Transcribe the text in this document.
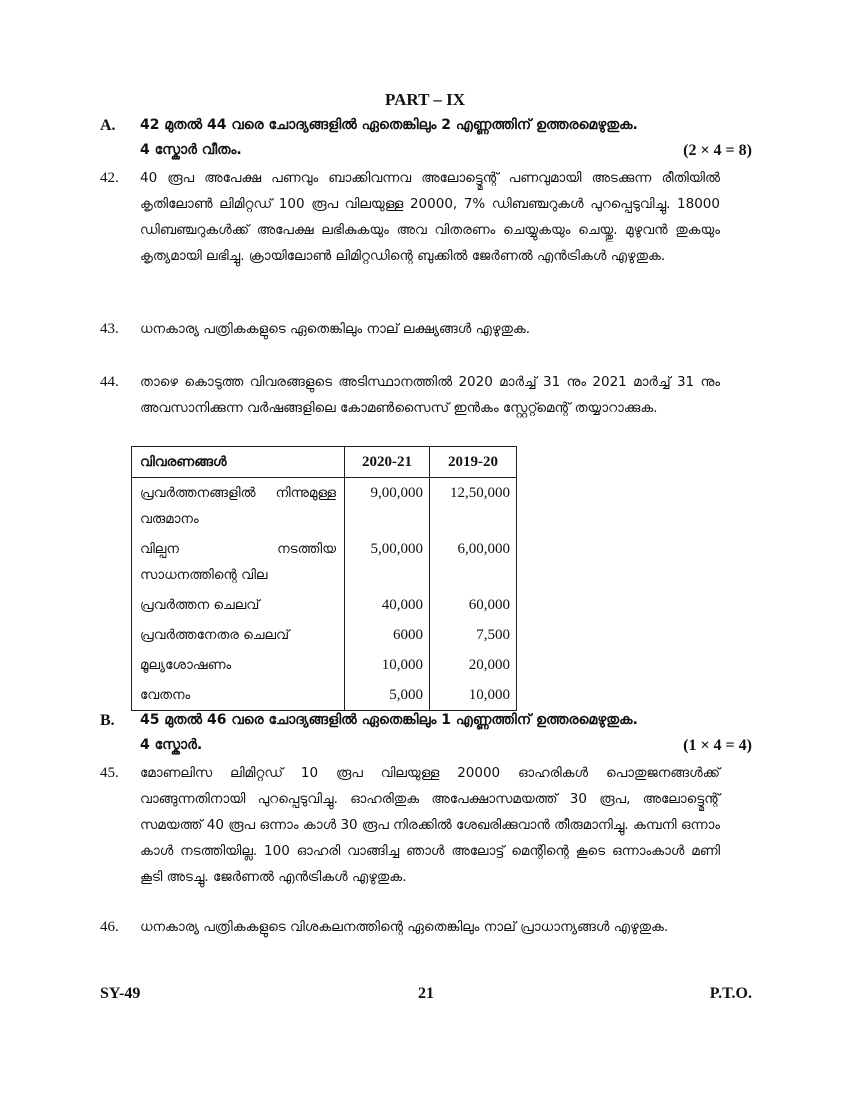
PART – IX
A. 42 മുതൽ 44 വരെ ചോദ്യങ്ങളിൽ ഏതെങ്കിലും 2 എണ്ണത്തിന് ഉത്തരമെഴുതുക.
4 സ്കോർ വീതം.	(2 × 4 = 8)
42. 40 രൂപ അപേക്ഷ പണവും ബാക്കിവന്നവ അലോട്ട്മെന്റ് പണവുമായി അടക്കുന്ന രീതിയിൽ കൃതിലോൺ ലിമിറ്റഡ് 100 രൂപ വിലയുള്ള 20000, 7% ഡിബഞ്ചറുകൾ പുറപ്പെടുവിച്ചു. 18000 ഡിബഞ്ചറുകൾക്ക് അപേക്ഷ ലഭികുകയും അവ വിതരണം ചെയ്യുകയും ചെയ്തു. മുഴുവൻ തുകയും കൃത്യമായി ലഭിച്ചു. ക്രായിലോൺ ലിമിറ്റഡിന്റെ ബുക്കിൽ ജേർണൽ എൻട്രികൾ എഴുതുക.
43. ധനകാര്യ പത്രികകളുടെ ഏതെങ്കിലും നാല് ലക്ഷ്യങ്ങൾ എഴുതുക.
44. താഴെ കൊടുത്ത വിവരങ്ങളുടെ അടിസ്ഥാനത്തിൽ 2020 മാർച്ച് 31 നും 2021 മാർച്ച് 31 നും അവസാനിക്കുന്ന വർഷങ്ങളിലെ കോമൺസൈസ് ഇൻകം സ്റ്റേറ്റ്മെന്റ് തയ്യാറാക്കുക.
വിവരണങ്ങൾ	2020-21	2019-20
പ്രവർത്തനങ്ങളിൽ നിന്നുമുള്ള വരുമാനം	9,00,000	12,50,000
വില്പന നടത്തിയ സാധനത്തിന്റെ വില	5,00,000	6,00,000
പ്രവർത്തന ചെലവ്	40,000	60,000
പ്രവർത്തനേതര ചെലവ്	6000	7,500
മൂല്യശോഷണം	10,000	20,000
വേതനം	5,000	10,000
B. 45 മുതൽ 46 വരെ ചോദ്യങ്ങളിൽ ഏതെങ്കിലും 1 എണ്ണത്തിന് ഉത്തരമെഴുതുക.
4 സ്കോർ.	(1 × 4 = 4)
45. മോണലിസ ലിമിറ്റഡ് 10 രൂപ വിലയുള്ള 20000 ഓഹരികൾ പൊതുജനങ്ങൾക്ക് വാങ്ങുന്നതിനായി പുറപ്പെടുവിച്ചു. ഓഹരിതുക അപേക്ഷാസമയത്ത് 30 രൂപ, അലോട്ട്മെന്റ് സമയത്ത് 40 രൂപ ഒന്നാം കാൾ 30 രൂപ നിരക്കിൽ ശേഖരിക്കുവാൻ തീരുമാനിച്ചു. കമ്പനി ഒന്നാം കാൾ നടത്തിയില്ല. 100 ഓഹരി വാങ്ങിച്ച ഞാൾ അലോട്ട് മെന്റിന്റെ കൂടെ ഒന്നാംകാൾ മണി കൂടി അടച്ചു. ജേർണൽ എൻട്രികൾ എഴുതുക.
46. ധനകാര്യ പത്രികകളുടെ വിശകലനത്തിന്റെ ഏതെങ്കിലും നാല് പ്രാധാന്യങ്ങൾ എഴുതുക.
SY-49	21	P.T.O.
